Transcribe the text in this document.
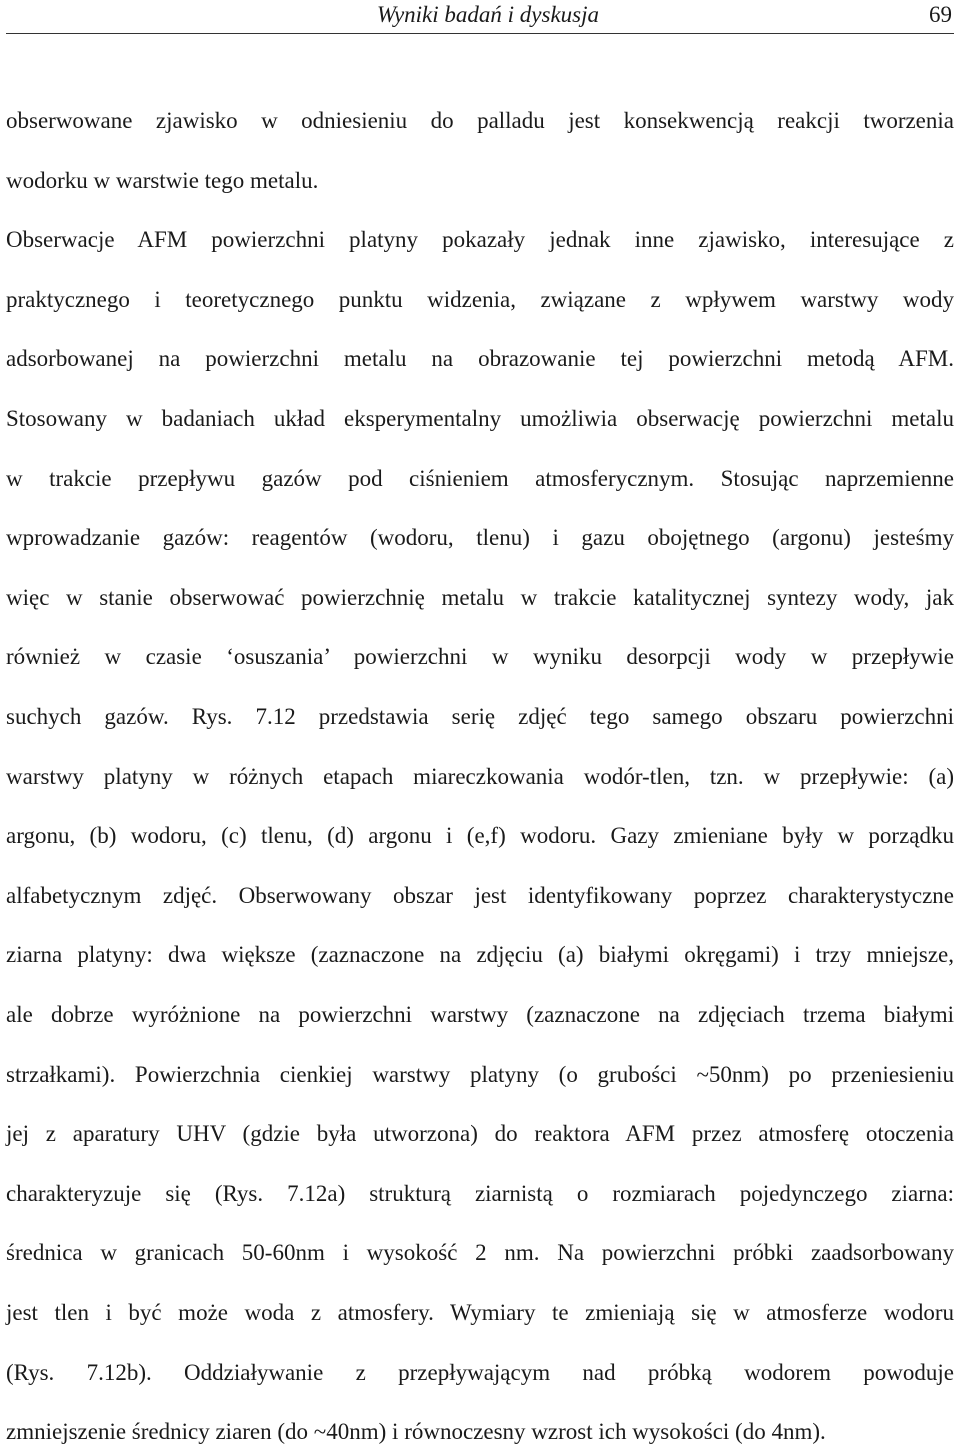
Wyniki badań i dyskusja	69
obserwowane zjawisko w odniesieniu do palladu jest konsekwencją reakcji tworzenia
wodorku w warstwie tego metalu.
Obserwacje AFM powierzchni platyny pokazały jednak inne zjawisko, interesujące z
praktycznego i teoretycznego punktu widzenia, związane z wpływem warstwy wody
adsorbowanej na powierzchni metalu na obrazowanie tej powierzchni metodą AFM.
Stosowany w badaniach układ eksperymentalny umożliwia obserwację powierzchni metalu
w trakcie przepływu gazów pod ciśnieniem atmosferycznym. Stosując naprzemienne
wprowadzanie gazów: reagentów (wodoru, tlenu) i gazu obojętnego (argonu) jesteśmy
więc w stanie obserwować powierzchnię metalu w trakcie katalitycznej syntezy wody, jak
również w czasie ‘osuszania’ powierzchni w wyniku desorpcji wody w przepływie
suchych gazów. Rys. 7.12 przedstawia serię zdjęć tego samego obszaru powierzchni
warstwy platyny w różnych etapach miareczkowania wodór-tlen, tzn. w przepływie: (a)
argonu, (b) wodoru, (c) tlenu, (d) argonu i (e,f) wodoru. Gazy zmieniane były w porządku
alfabetycznym zdjęć. Obserwowany obszar jest identyfikowany poprzez charakterystyczne
ziarna platyny: dwa większe (zaznaczone na zdjęciu (a) białymi okręgami) i trzy mniejsze,
ale dobrze wyróżnione na powierzchni warstwy (zaznaczone na zdjęciach trzema białymi
strzałkami). Powierzchnia cienkiej warstwy platyny (o grubości ~50nm) po przeniesieniu
jej z aparatury UHV (gdzie była utworzona) do reaktora AFM przez atmosferę otoczenia
charakteryzuje się (Rys. 7.12a) strukturą ziarnistą o rozmiarach pojedynczego ziarna:
średnica w granicach 50-60nm i wysokość 2 nm. Na powierzchni próbki zaadsorbowany
jest tlen i być może woda z atmosfery. Wymiary te zmieniają się w atmosferze wodoru
(Rys. 7.12b). Oddziaływanie z przepływającym nad próbką wodorem powoduje
zmniejszenie średnicy ziaren (do ~40nm) i równoczesny wzrost ich wysokości (do 4nm).
